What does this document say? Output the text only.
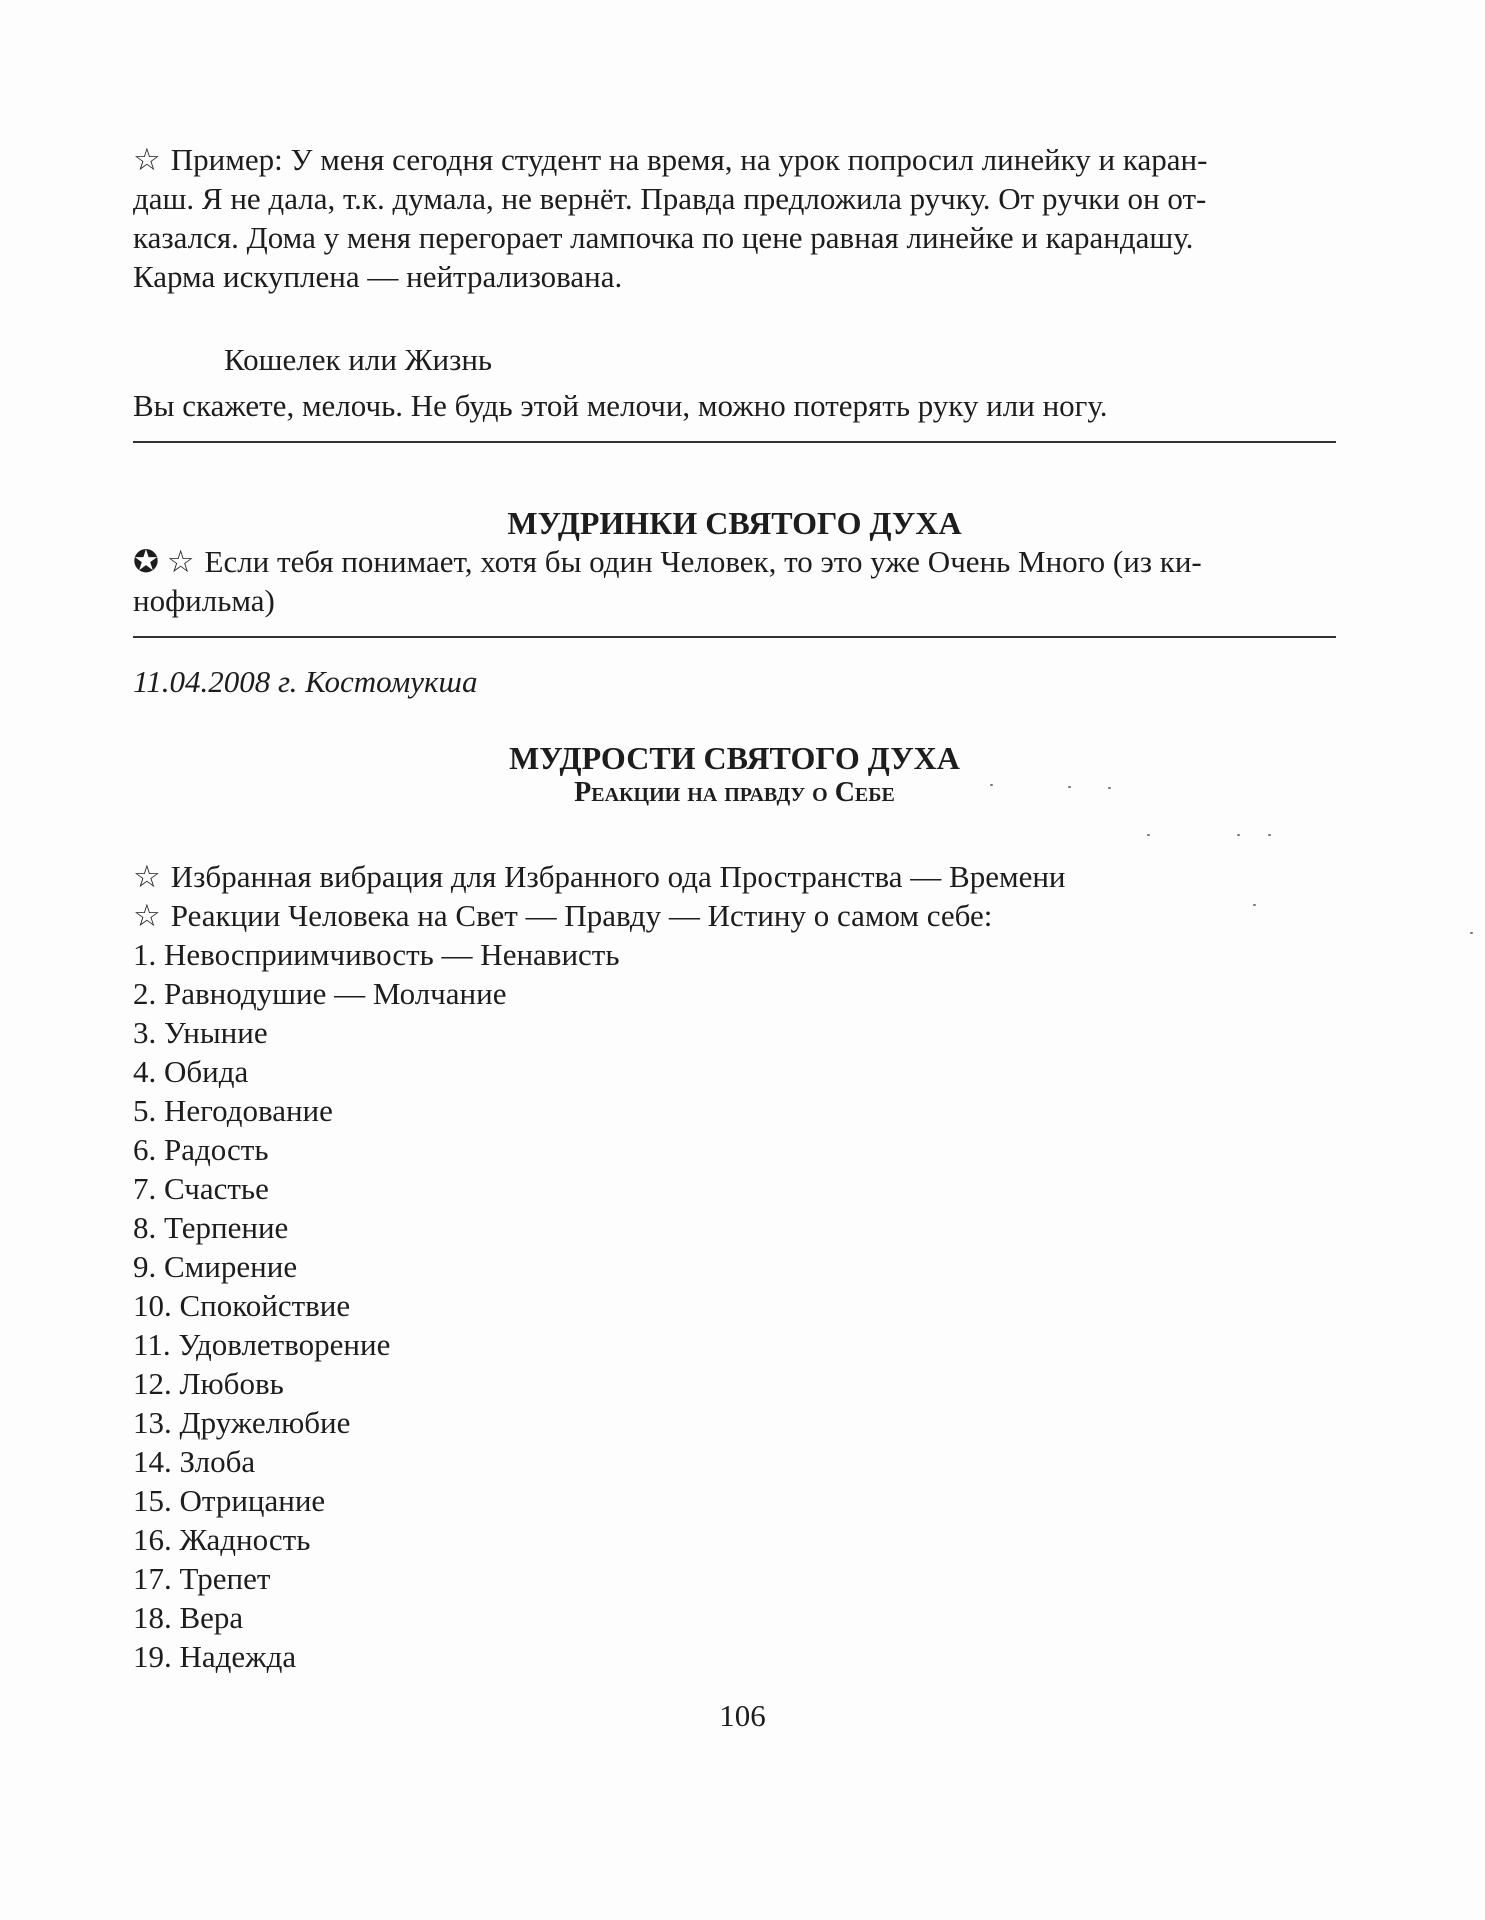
☆ Пример: У меня сегодня студент на время, на урок попросил линейку и каран-

даш. Я не дала, т.к. думала, не вернёт. Правда предложила ручку. От ручки он от-

казался. Дома у меня перегорает лампочка по цене равная линейке и карандашу.

Карма искуплена — нейтрализована.

Кошелек или Жизнь

Вы скажете, мелочь. Не будь этой мелочи, можно потерять руку или ногу.

МУДРИНКИ СВЯТОГО ДУХА

✪ ☆ Если тебя понимает, хотя бы один Человек, то это уже Очень Много (из ки-

нофильма)

11.04.2008 г. Костомукша

МУДРОСТИ СВЯТОГО ДУХА

Реакции на правду о Себе

☆ Избранная вибрация для Избранного ода Пространства — Времени

☆ Реакции Человека на Свет — Правду — Истину о самом себе:

1. Невосприимчивость — Ненависть
2. Равнодушие — Молчание
3. Уныние
4. Обида
5. Негодование
6. Радость
7. Счастье
8. Терпение
9. Смирение
10. Спокойствие
11. Удовлетворение
12. Любовь
13. Дружелюбие
14. Злоба
15. Отрицание
16. Жадность
17. Трепет
18. Вера
19. Надежда
106
